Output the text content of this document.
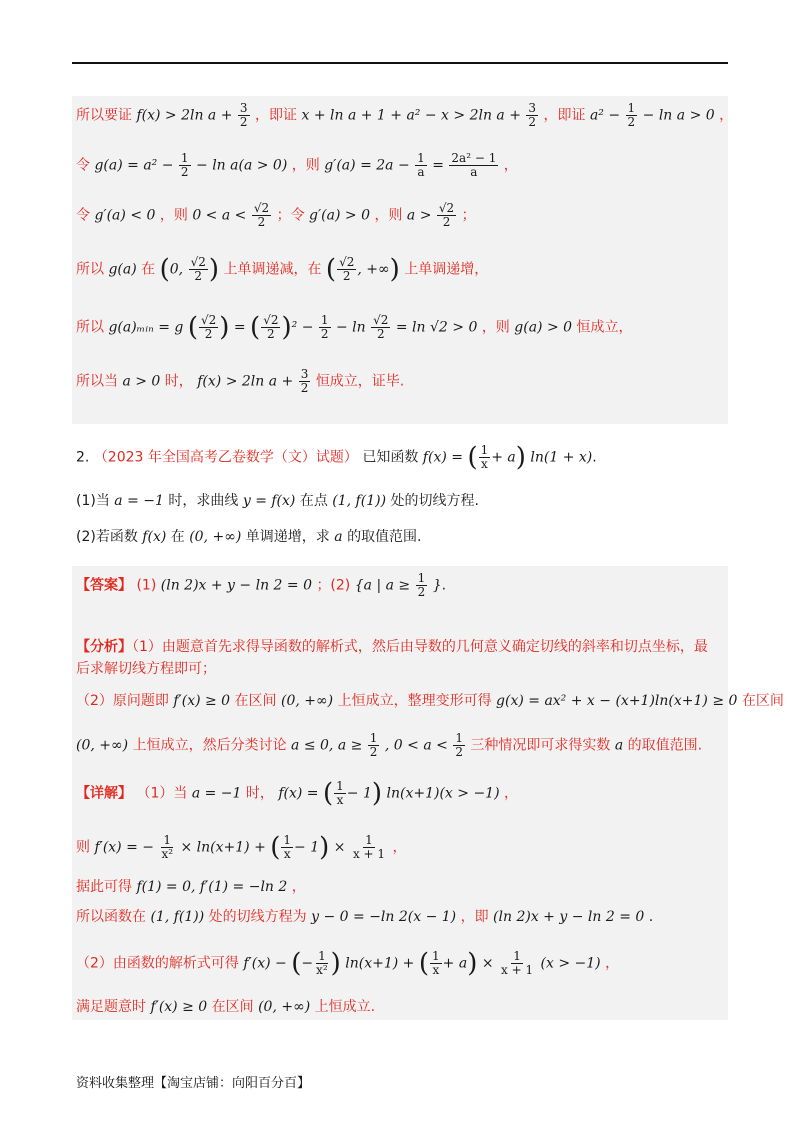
所以要证 f(x) > 2ln $a + \frac{3}{2}$ ，即证 x + ln a + 1 + a² − x > 2ln $a + \frac{3}{2}$ ，即证 $a^2 - \frac{1}{2} - \ln a > 0$ ，
令 $g(a) = a^2 - \frac{1}{2} - \ln a(a > 0)$ ，则 $g'(a) = 2a - \frac{1}{a} = \frac{\text{2a² − 1}}{a}$ ，
令 g′(a) < 0 ，则 $0 < a < \frac{√2}{2}$ ；令 g′(a) > 0 ，则 $a > \frac{√2}{2}$ ；
所以 g(a) 在 (0, $\frac{√2}{2}$ ) 上单调递减，在 ( $\frac{√2}{2}$ , +∞) 上单调递增，
所以 g(a)ₘᵢₙ = g ( $\frac{√2}{2}$ ) = ( $\frac{√2}{2} )^2 - \frac{1}{2} - \ln \frac{√2}{2} = \ln √2 > 0$ ，则 g(a) > 0 恒成立，
所以当 a > 0 时， f(x) > 2ln $a + \frac{3}{2}$ 恒成立，证毕.
2. （2023 年全国高考乙卷数学（文）试题） 已知函数 f(x) = ( $\frac{1}{x} + a$) ln(1 + x).
(1)当 a = −1 时，求曲线 y = f(x) 在点 (1, f(1)) 处的切线方程.
(2)若函数 f(x) 在 (0, +∞) 单调递增，求 a 的取值范围.
【答案】 (1) (ln 2)x + y − ln 2 = 0 ；(2) {a | $a \ge \frac{1}{2}$ }.
【分析】（1）由题意首先求得导函数的解析式，然后由导数的几何意义确定切线的斜率和切点坐标，最
后求解切线方程即可；
（2）原问题即 f′(x) ≥ 0 在区间 (0, +∞) 上恒成立，整理变形可得 g(x) = ax² + x − (x+1)ln(x+1) ≥ 0 在区间
(0, +∞) 上恒成立，然后分类讨论 a ≤ 0, $a \ge \frac{1}{2}$ , $0 < a < \frac{1}{2}$ 三种情况即可求得实数 a 的取值范围.
【详解】 （1）当 a = −1 时， f(x) = ( $\frac{1}{x} - 1$) ln(x+1)(x > −1) ，
则 f′(x) = − $\frac{1}{\text{x²}} \times \ln(x+1)$ + ( $\frac{1}{x} - 1) \times \frac{1}{x + 1}$ ，
据此可得 f(1) = 0, f′(1) = −ln 2 ，
所以函数在 (1, f(1)) 处的切线方程为 y − 0 = −ln 2(x − 1) ，即 (ln 2)x + y − ln 2 = 0 .
（2）由函数的解析式可得 f′(x) − (− $\frac{1}{\text{x²}}$ ) ln(x+1) + ( $\frac{1}{x} + a) \times \frac{1}{x + 1} (x > -1)$ ，
满足题意时 f′(x) ≥ 0 在区间 (0, +∞) 上恒成立.
资料收集整理【淘宝店铺：向阳百分百】
